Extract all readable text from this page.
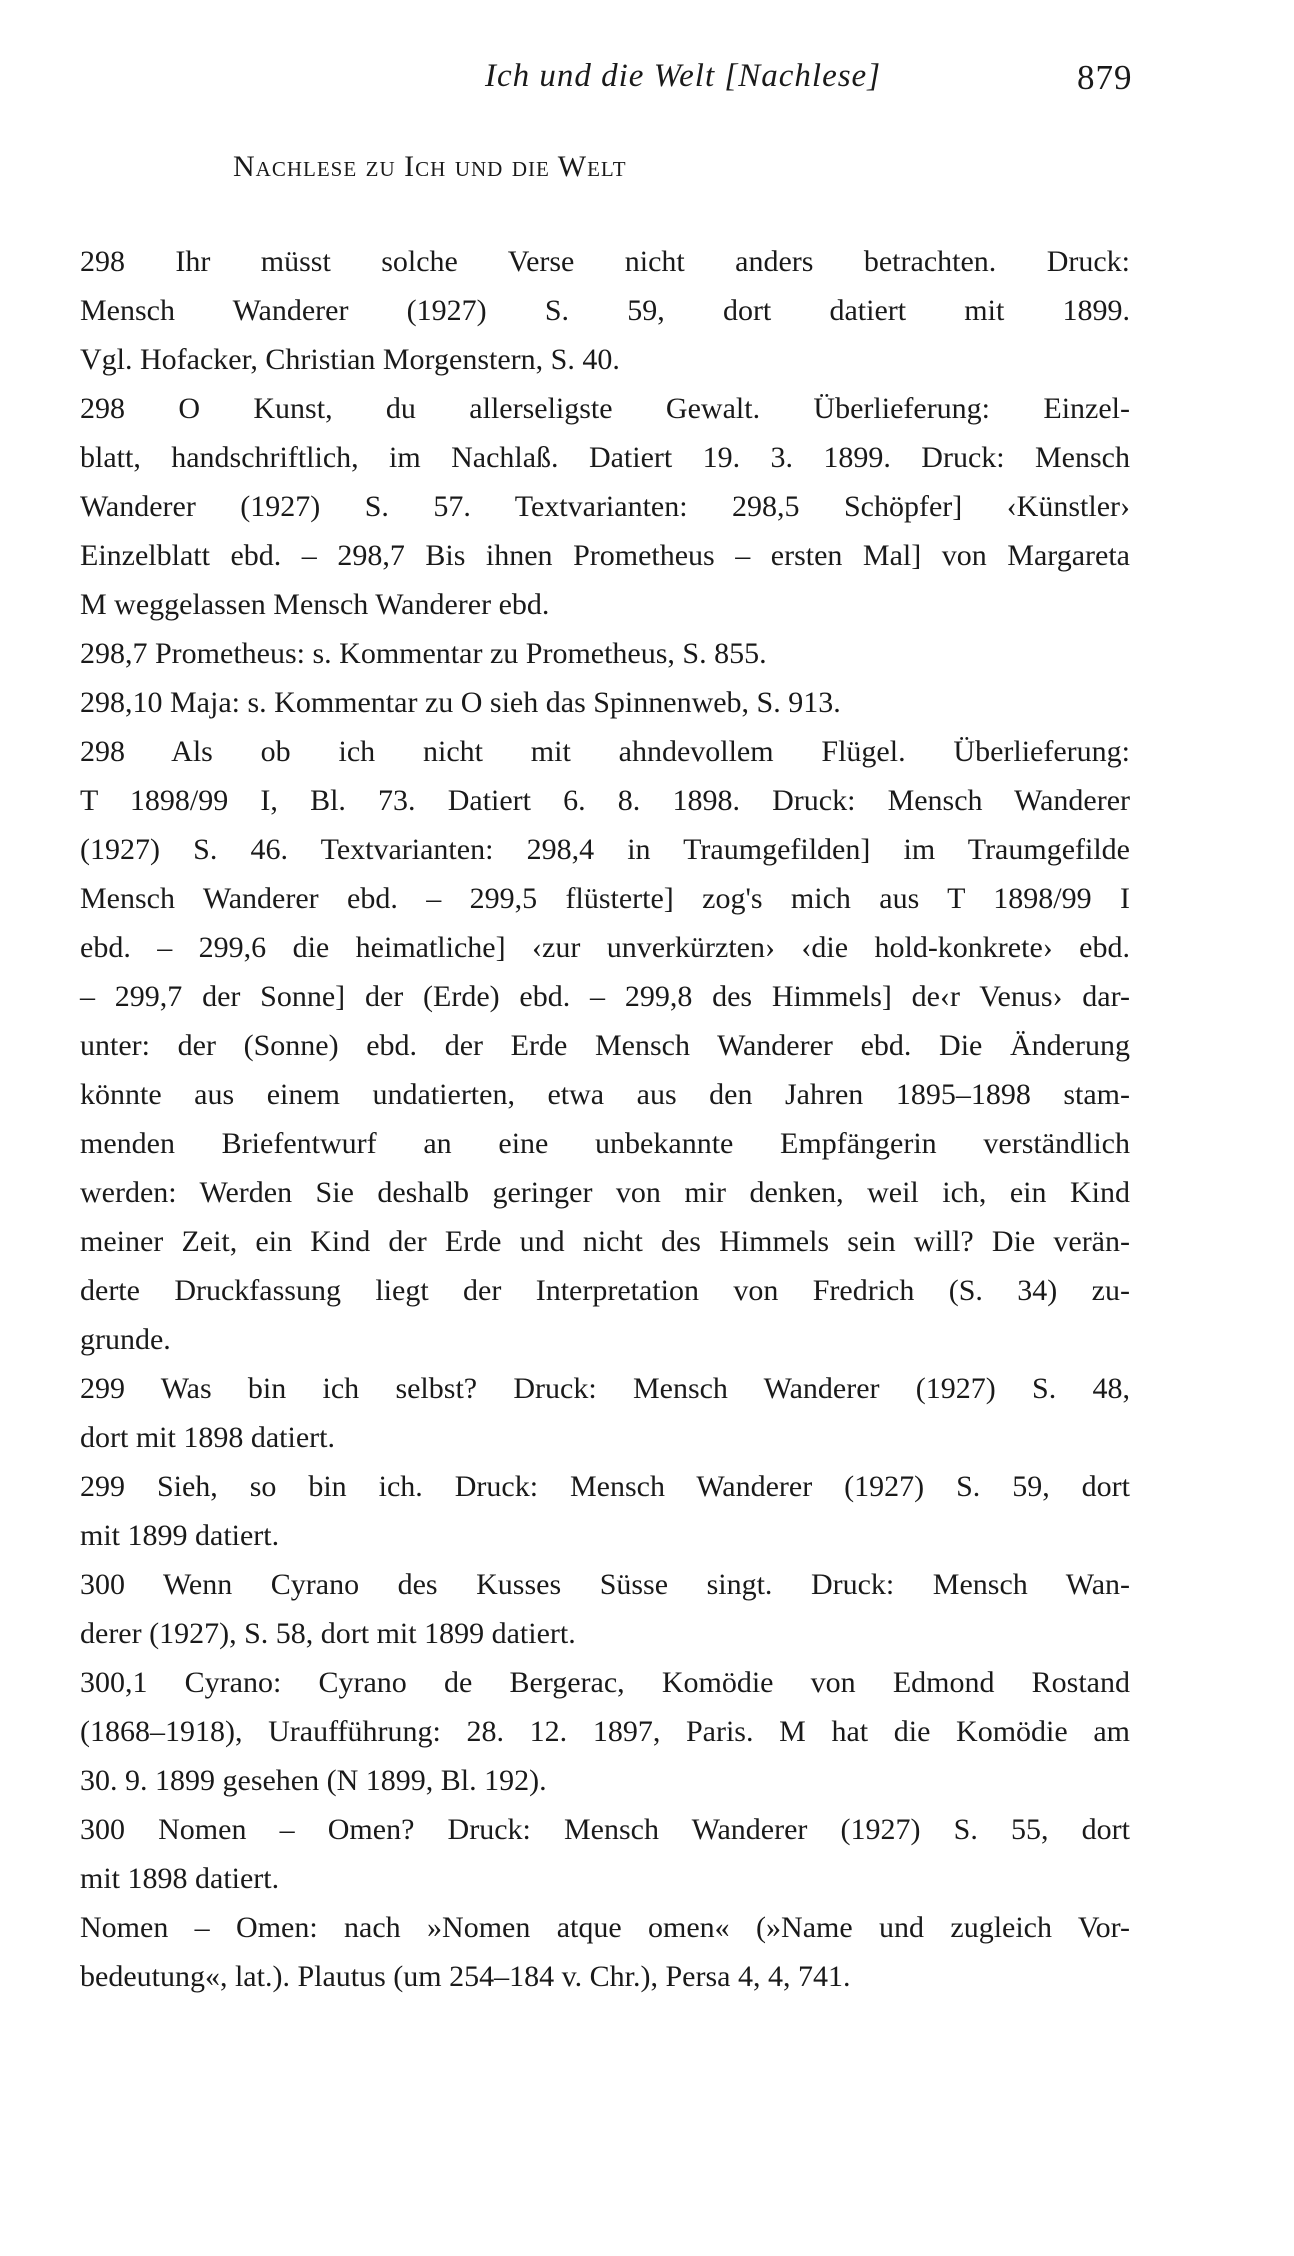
Ich und die Welt [Nachlese]	879
Nachlese zu Ich und die Welt
298 Ihr müsst solche Verse nicht anders betrachten. Druck:
Mensch Wanderer (1927) S. 59, dort datiert mit 1899.
Vgl. Hofacker, Christian Morgenstern, S. 40.
298 O Kunst, du allerseligste Gewalt. Überlieferung: Einzel-
blatt, handschriftlich, im Nachlaß. Datiert 19. 3. 1899. Druck: Mensch
Wanderer (1927) S. 57. Textvarianten: 298,5 Schöpfer] ‹Künstler›
Einzelblatt ebd. – 298,7 Bis ihnen Prometheus – ersten Mal] von Margareta
M weggelassen Mensch Wanderer ebd.
298,7 Prometheus: s. Kommentar zu Prometheus, S. 855.
298,10 Maja: s. Kommentar zu O sieh das Spinnenweb, S. 913.
298 Als ob ich nicht mit ahndevollem Flügel. Überlieferung:
T 1898/99 I, Bl. 73. Datiert 6. 8. 1898. Druck: Mensch Wanderer
(1927) S. 46. Textvarianten: 298,4 in Traumgefilden] im Traumgefilde
Mensch Wanderer ebd. – 299,5 flüsterte] zog's mich aus T 1898/99 I
ebd. – 299,6 die heimatliche] ‹zur unverkürzten› ‹die hold-konkrete› ebd.
– 299,7 der Sonne] der (Erde) ebd. – 299,8 des Himmels] de‹r Venus› dar-
unter: der (Sonne) ebd. der Erde Mensch Wanderer ebd. Die Änderung
könnte aus einem undatierten, etwa aus den Jahren 1895–1898 stam-
menden Briefentwurf an eine unbekannte Empfängerin verständlich
werden: Werden Sie deshalb geringer von mir denken, weil ich, ein Kind
meiner Zeit, ein Kind der Erde und nicht des Himmels sein will? Die verän-
derte Druckfassung liegt der Interpretation von Fredrich (S. 34) zu-
grunde.
299 Was bin ich selbst? Druck: Mensch Wanderer (1927) S. 48,
dort mit 1898 datiert.
299 Sieh, so bin ich. Druck: Mensch Wanderer (1927) S. 59, dort
mit 1899 datiert.
300 Wenn Cyrano des Kusses Süsse singt. Druck: Mensch Wan-
derer (1927), S. 58, dort mit 1899 datiert.
300,1 Cyrano: Cyrano de Bergerac, Komödie von Edmond Rostand
(1868–1918), Uraufführung: 28. 12. 1897, Paris. M hat die Komödie am
30. 9. 1899 gesehen (N 1899, Bl. 192).
300 Nomen – Omen? Druck: Mensch Wanderer (1927) S. 55, dort
mit 1898 datiert.
Nomen – Omen: nach »Nomen atque omen« (»Name und zugleich Vor-
bedeutung«, lat.). Plautus (um 254–184 v. Chr.), Persa 4, 4, 741.
